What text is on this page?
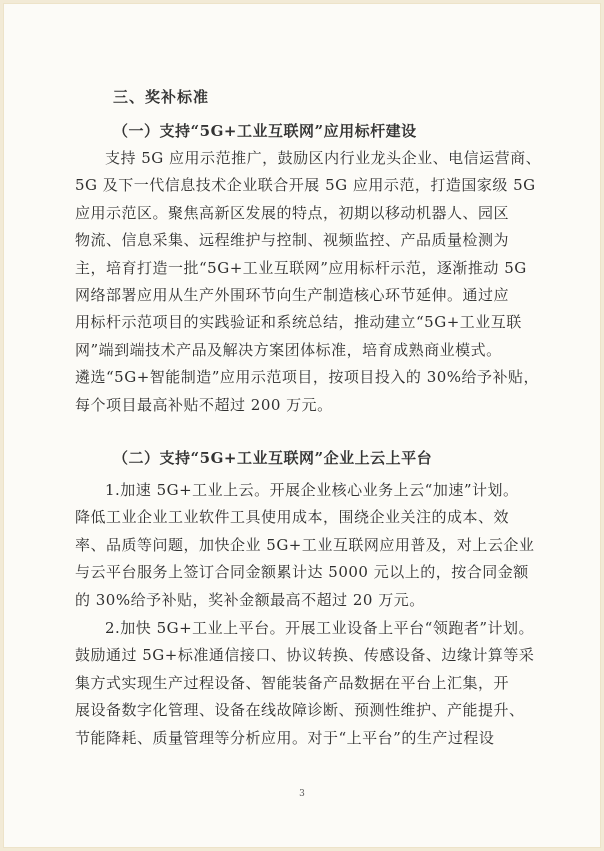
三、奖补标准
（一）支持“5G+工业互联网”应用标杆建设

支持 5G 应用示范推广，鼓励区内行业龙头企业、电信运营商、

5G 及下一代信息技术企业联合开展 5G 应用示范，打造国家级 5G

应用示范区。聚焦高新区发展的特点，初期以移动机器人、园区

物流、信息采集、远程维护与控制、视频监控、产品质量检测为

主，培育打造一批“5G+工业互联网”应用标杆示范，逐渐推动 5G

网络部署应用从生产外围环节向生产制造核心环节延伸。通过应

用标杆示范项目的实践验证和系统总结，推动建立“5G+工业互联

网”端到端技术产品及解决方案团体标准，培育成熟商业模式。

遴选“5G+智能制造”应用示范项目，按项目投入的 30%给予补贴，

每个项目最高补贴不超过 200 万元。

（二）支持“5G+工业互联网”企业上云上平台

1.加速 5G+工业上云。开展企业核心业务上云“加速”计划。

降低工业企业工业软件工具使用成本，围绕企业关注的成本、效

率、品质等问题，加快企业 5G+工业互联网应用普及，对上云企业

与云平台服务上签订合同金额累计达 5000 元以上的，按合同金额

的 30%给予补贴，奖补金额最高不超过 20 万元。

2.加快 5G+工业上平台。开展工业设备上平台“领跑者”计划。

鼓励通过 5G+标准通信接口、协议转换、传感设备、边缘计算等采

集方式实现生产过程设备、智能装备产品数据在平台上汇集，开

展设备数字化管理、设备在线故障诊断、预测性维护、产能提升、

节能降耗、质量管理等分析应用。对于“上平台”的生产过程设

3
